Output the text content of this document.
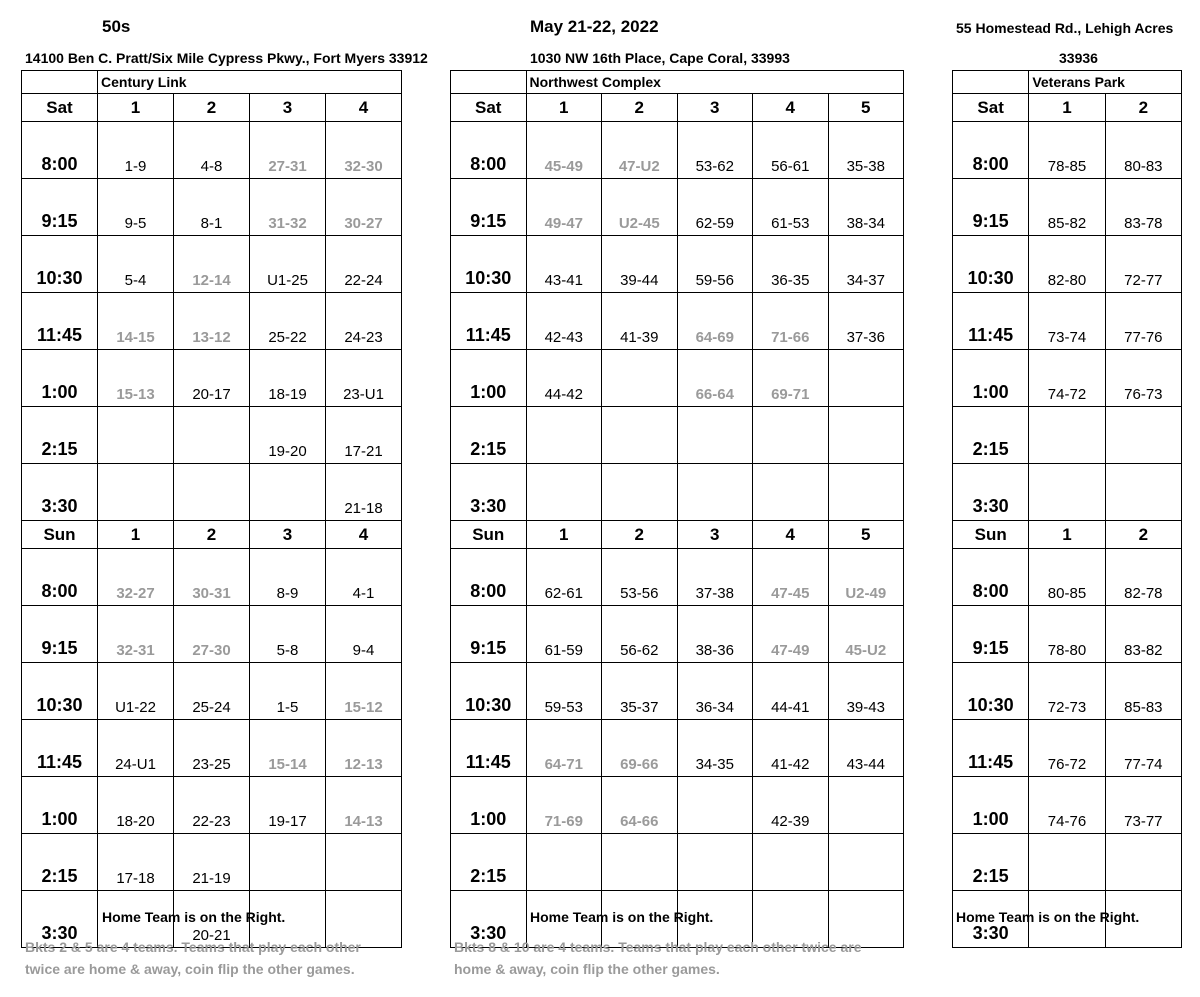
50s	May 21-22, 2022	55 Homestead Rd., Lehigh Acres
14100 Ben C. Pratt/Six Mile Cypress Pkwy., Fort Myers 33912	1030 NW 16th Place, Cape Coral, 33993	33936
	Century Link			
Sat	1	2	3	4
8:00	1-9	4-8	27-31	32-30
9:15	9-5	8-1	31-32	30-27
10:30	5-4	12-14	U1-25	22-24
11:45	14-15	13-12	25-22	24-23
1:00	15-13	20-17	18-19	23-U1
2:15			19-20	17-21
3:30				21-18
Sun	1	2	3	4
8:00	32-27	30-31	8-9	4-1
9:15	32-31	27-30	5-8	9-4
10:30	U1-22	25-24	1-5	15-12
11:45	24-U1	23-25	15-14	12-13
1:00	18-20	22-23	19-17	14-13
2:15	17-18	21-19		
3:30		20-21		
	Northwest Complex				
Sat	1	2	3	4	5
8:00	45-49	47-U2	53-62	56-61	35-38
9:15	49-47	U2-45	62-59	61-53	38-34
10:30	43-41	39-44	59-56	36-35	34-37
11:45	42-43	41-39	64-69	71-66	37-36
1:00	44-42		66-64	69-71	
2:15					
3:30					
Sun	1	2	3	4	5
8:00	62-61	53-56	37-38	47-45	U2-49
9:15	61-59	56-62	38-36	47-49	45-U2
10:30	59-53	35-37	36-34	44-41	39-43
11:45	64-71	69-66	34-35	41-42	43-44
1:00	71-69	64-66		42-39	
2:15					
3:30					
	Veterans Park	
Sat	1	2
8:00	78-85	80-83
9:15	85-82	83-78
10:30	82-80	72-77
11:45	73-74	77-76
1:00	74-72	76-73
2:15		
3:30		
Sun	1	2
8:00	80-85	82-78
9:15	78-80	83-82
10:30	72-73	85-83
11:45	76-72	77-74
1:00	74-76	73-77
2:15		
3:30		
Home Team is on the Right.	Home Team is on the Right.	Home Team is on the Right.
Bkts 2 & 5 are 4 teams. Teams that play each other twice are home & away, coin flip the other games.
Bkts 8 & 10 are 4 teams. Teams that play each other twice are home & away, coin flip the other games.
